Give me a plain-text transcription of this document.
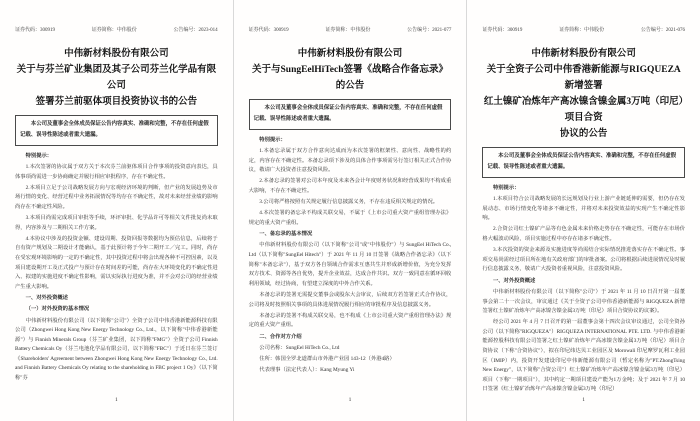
证券代码：300919	证券简称：中伟股份	公告编号：2023-014
中伟新材料股份有限公司
关于与芬兰矿业集团及其子公司芬兰化学品有限公司
签署芬兰前驱体项目投资协议书的公告
本公司及董事会全体成员保证公告内容真实、准确和完整，不存在任何虚假记载、误导性陈述或者重大遗漏。

特别提示：

1.本次签署的协议属于双方关于本次芬兰前驱体项目合作事项的投资意向表达，具体事项尚需进一步协商确定并履行相应审批程序，存在不确定性。

2.本项目立足于公司战略发展方向与宏观经济环境的判断，但产业的发展趋势及市场行情的变化、经营过程中业务拓展情况等均存在不确定性，故对未来经营业绩的影响尚存在不确定性风险。

3.本项目尚需完成项目审批等手续，环评审批、化学品许可等相关文件批复尚未取得，内容涉及与二期相关工作方案。

4.本协议中涉及的投资金额、建设周期、投资回报等数据均为预估信息，后续将于自有资产规划及二期设计才能确认，基于此预计将于今年二期开工／完工。同时，尚存在受宏观环境影响的一定的不确定性，其中投资过程中将会出现各种不可控因素，以及项目建设期开工及正式投产与预计存在时间差的可能，尚存在大环境变化的不确定性进入、拟建的实施进度不确定性影响，需以实际执行进度为准，并不会对公司的经营业绩产生重大影响。

一、对外投资概述

（一）对外投资的基本情况

中伟新材料股份有限公司（以下简称"公司"）全资子公司中伟香港新能源科技有限公司（Zhongwei Hong Kong New Energy Technology Co., Ltd.，以下简称"中伟香港新能源"）与 Finnish Minerals Group（芬兰矿业集团，以下简称"FMG"）全资子公司 Finnish Battery Chemicals Oy（芬兰电池化学品有限公司，以下简称"FBC"）于近日在芬兰签订《Shareholders' Agreement between Zhongwei Hong Kong New Energy Technology Co., Ltd. and Finnish Battery Chemicals Oy relating to the shareholding in FBC project 1 Oy》（以下简称"芬

1
证券代码：300919	证券简称：中伟股份	公告编号：2021-077
中伟新材料股份有限公司
关于与SungEelHiTech签署《战略合作备忘录》的公告
本公司及董事会全体成员保证公告内容真实、准确和完整，不存在任何虚假记载、误导性陈述或者重大遗漏。

特别提示：

1.本备忘录属于双方合作意向达成而为本次签署的框架性、意向性、战略性的约定，内容存在不确定性。本备忘录项下涉及的具体合作事项需另行签订相关正式合作协议，敬请广大投资者注意投资风险。

2.本备忘录的签署对公司本年度及未来各会计年度财务状况和经营成果均不构成重大影响，不存在不确定性。

3.公司将严格按照有关规定履行信息披露义务，不存在违反相关规定的情况。

4.本次签署的备忘录不构成关联交易，不属于《上市公司重大资产重组管理办法》规定的重大资产重组。

一、备忘录的基本情况

中伟新材料股份有限公司（以下简称"公司"或"中伟股份"）与 SungEel HiTech Co., Ltd（以下简称"SungEel Hitech"）于 2021 年 11 月 10 日签署《战略合作备忘录》（以下简称"本备忘录"），基于双方各自领域合作需求互惠共生并形成新增价值，为充分发挥双方技术、资源等各自优势，提升企业效益，达成合作共识。双方一致同意在循环回收利用领域，经过协商，有望建立深度的中外合作关系。

本备忘录的签署无需提交董事会或股东大会审议，后续双方若签署正式合作协议，公司将及时按照相关事项的具体进展情况履行相应的审批程序及信息披露义务。

本备忘录的签署不构成关联交易，也不构成《上市公司重大资产重组管理办法》规定的重大资产重组。

二、合作对方介绍

公司名称：SungEel HiTech Co., Ltd

住所：韩国全罗北道群山市外港产业园 143-12（外港4路）

代表理事（法定代表人）：Kang Myung Yi

1
证券代码：300919	证券简称：中伟股份	公告编号：2021-076
中伟新材料股份有限公司
关于全资子公司中伟香港新能源与RIGQUEZA新增签署
红土镍矿冶炼年产高冰镍含镍金属3万吨（印尼）项目合资
协议的公告
本公司及董事会全体成员保证公告内容真实、准确和完整，不存在任何虚假记载、误导性陈述或者重大遗漏。

特别提示：

1.本项目符合公司战略发展的长远规划及行业上游产业链延伸的需要，但仍存在发展动态、市场行情变化等诸多不确定性，并将对未来投资效益的实现产生不确定性影响。

2.合资公司红土镍矿产品等有色金属未来价格走势存在不确定性，可能存在市场价格大幅波动风险，项目实施过程中亦存在诸多不确定性。

3.本次投资的资金来源及实施进度等尚需结合实际情况推进落实存在不确定性。事项交易尚需经过项目所在地有关政府部门的审批备案。公司将根据后续进展情况及时履行信息披露义务，敬请广大投资者重视风险，注意投资风险。

一、对外投资概述

中伟新材料股份有限公司（以下简称"公司"）于 2021 年 11 月 10 日召开第一届董事会第二十一次会议，审议通过《关于全资子公司中伟香港新能源与 RIGQUEZA 新增签署红土镍矿冶炼年产高冰镍含镍金属3万吨（印尼）项目合资协议的议案》。

经公司 2021 年 4 月 7 日召开的第一届董事会第十四次会议审议通过，公司全资孙公司（以下简称"RIGQUEZA"）RIGQUEZA INTERNATIONAL PTE. LTD. 与中伟香港新能源控股科技有限公司签署之红土镍矿冶炼年产高冰镍含镍金属3万吨（印尼）项目合资协议（下称"合资协议"），拟在印尼纬达贝工业园区及 Morowali 印尼摩罗瓦利工业园区（IMIP）内，投资开发建设印尼中伟新能源有限公司（暂定名称为"PT.ZhongTsing New Energy"，以下简称"合资公司"）红土镍矿冶炼年产高冰镍含镍金属3万吨（印尼）项目（下称"一期项目"），其中约定一期项目建设产能为1万金吨；及于 2021 年 7 月 10 日签署《红土镍矿冶炼年产高冰镍含镍金属3万吨（印尼）

1
